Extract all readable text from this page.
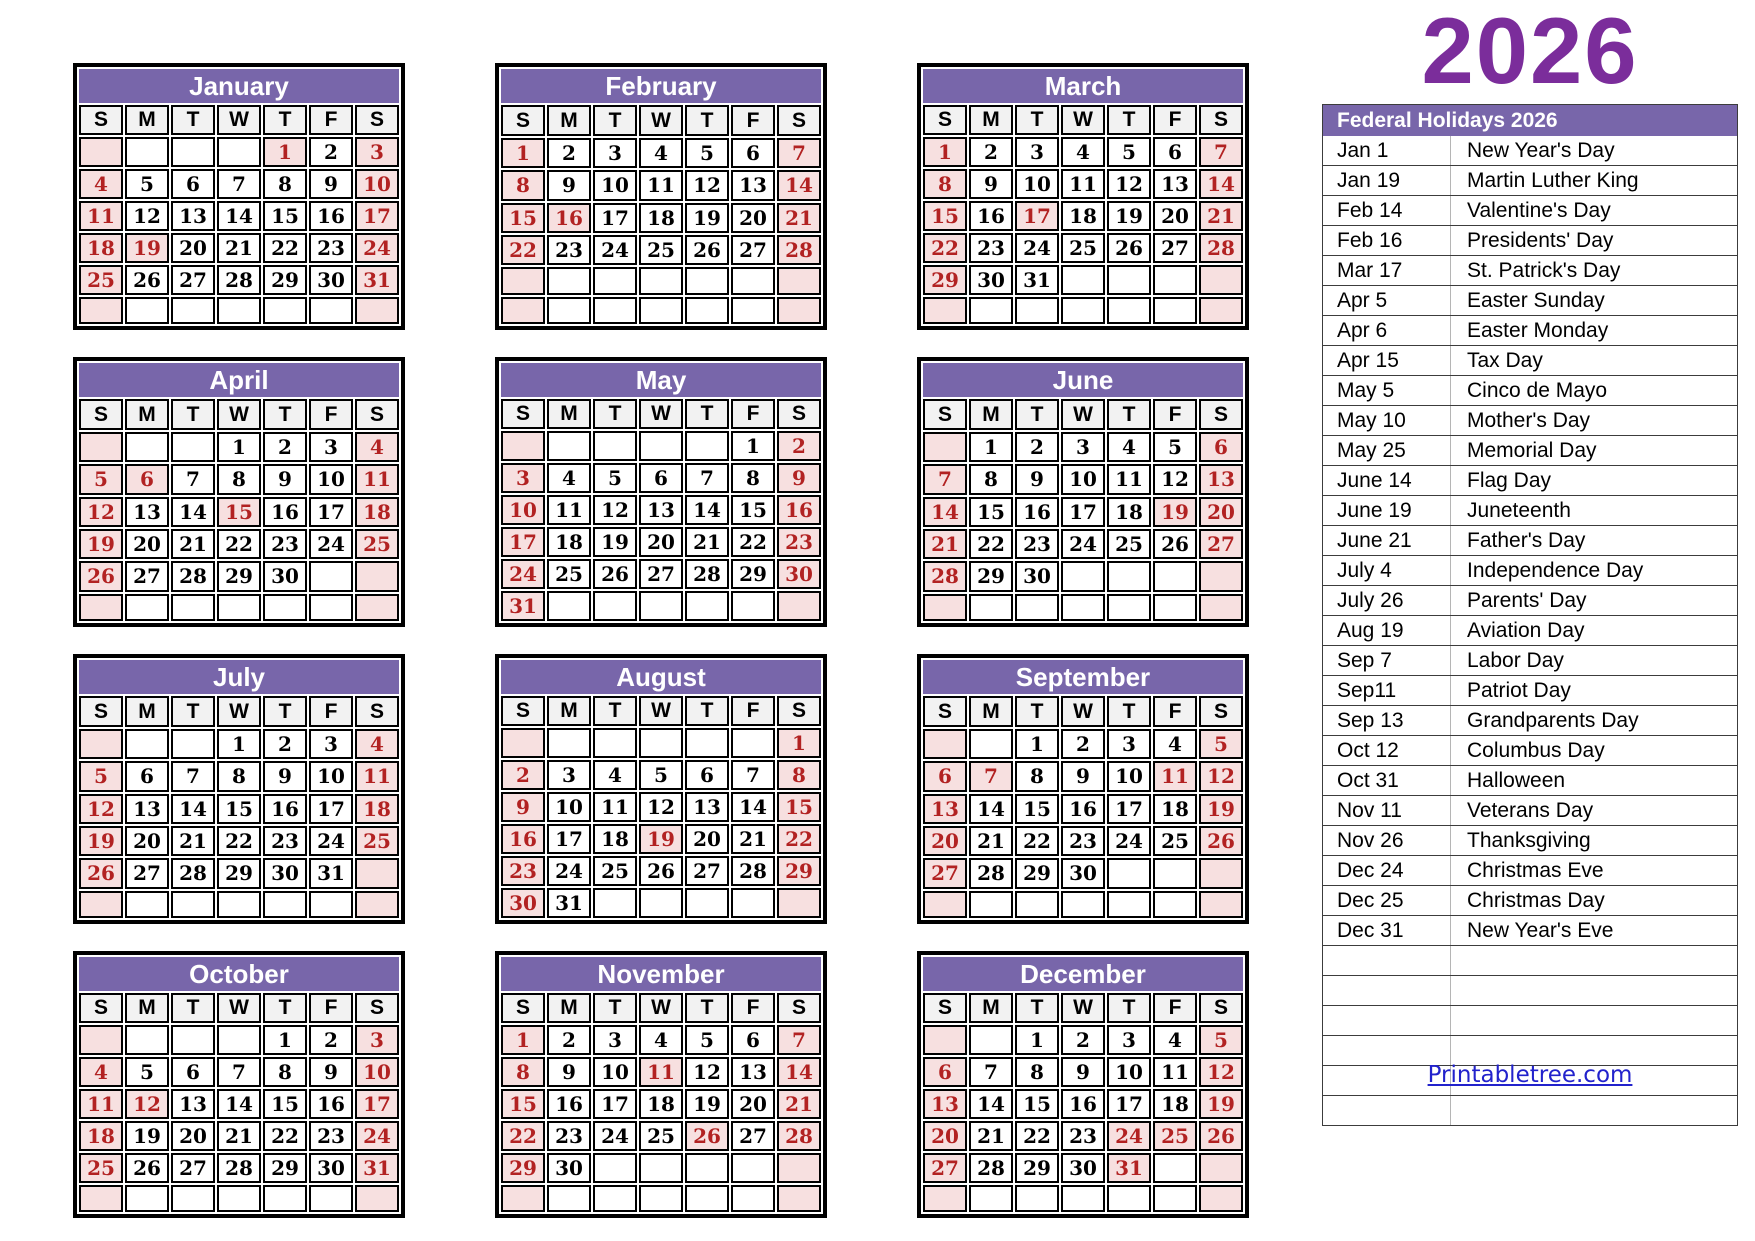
January						
S	M	T	W	T	F	S
				1	2	3
4	5	6	7	8	9	10
11	12	13	14	15	16	17
18	19	20	21	22	23	24
25	26	27	28	29	30	31

February						
S	M	T	W	T	F	S
1	2	3	4	5	6	7
8	9	10	11	12	13	14
15	16	17	18	19	20	21
22	23	24	25	26	27	28

March						
S	M	T	W	T	F	S
1	2	3	4	5	6	7
8	9	10	11	12	13	14
15	16	17	18	19	20	21
22	23	24	25	26	27	28
29	30	31				

April						
S	M	T	W	T	F	S
			1	2	3	4
5	6	7	8	9	10	11
12	13	14	15	16	17	18
19	20	21	22	23	24	25
26	27	28	29	30		

May						
S	M	T	W	T	F	S
					1	2
3	4	5	6	7	8	9
10	11	12	13	14	15	16
17	18	19	20	21	22	23
24	25	26	27	28	29	30
31						
June						
S	M	T	W	T	F	S
	1	2	3	4	5	6
7	8	9	10	11	12	13
14	15	16	17	18	19	20
21	22	23	24	25	26	27
28	29	30				

July						
S	M	T	W	T	F	S
			1	2	3	4
5	6	7	8	9	10	11
12	13	14	15	16	17	18
19	20	21	22	23	24	25
26	27	28	29	30	31	

August						
S	M	T	W	T	F	S
						1
2	3	4	5	6	7	8
9	10	11	12	13	14	15
16	17	18	19	20	21	22
23	24	25	26	27	28	29
30	31					
September						
S	M	T	W	T	F	S
		1	2	3	4	5
6	7	8	9	10	11	12
13	14	15	16	17	18	19
20	21	22	23	24	25	26
27	28	29	30			

October						
S	M	T	W	T	F	S
				1	2	3
4	5	6	7	8	9	10
11	12	13	14	15	16	17
18	19	20	21	22	23	24
25	26	27	28	29	30	31

November						
S	M	T	W	T	F	S
1	2	3	4	5	6	7
8	9	10	11	12	13	14
15	16	17	18	19	20	21
22	23	24	25	26	27	28
29	30					

December						
S	M	T	W	T	F	S
		1	2	3	4	5
6	7	8	9	10	11	12
13	14	15	16	17	18	19
20	21	22	23	24	25	26
27	28	29	30	31		

2026
Federal Holidays 2026	
Jan 1	New Year's Day
Jan 19	Martin Luther King
Feb 14	Valentine's Day
Feb 16	Presidents' Day
Mar 17	St. Patrick's Day
Apr 5	Easter Sunday
Apr 6	Easter Monday
Apr 15	Tax Day
May 5	Cinco de Mayo
May 10	Mother's Day
May 25	Memorial Day
June 14	Flag Day
June 19	Juneteenth
June 21	Father's Day
July 4	Independence Day
July 26	Parents' Day
Aug 19	Aviation Day
Sep 7	Labor Day
Sep11	Patriot Day
Sep 13	Grandparents Day
Oct 12	Columbus Day
Oct 31	Halloween
Nov 11	Veterans Day
Nov 26	Thanksgiving
Dec 24	Christmas Eve
Dec 25	Christmas Day
Dec 31	New Year's Eve

Printabletree.com
